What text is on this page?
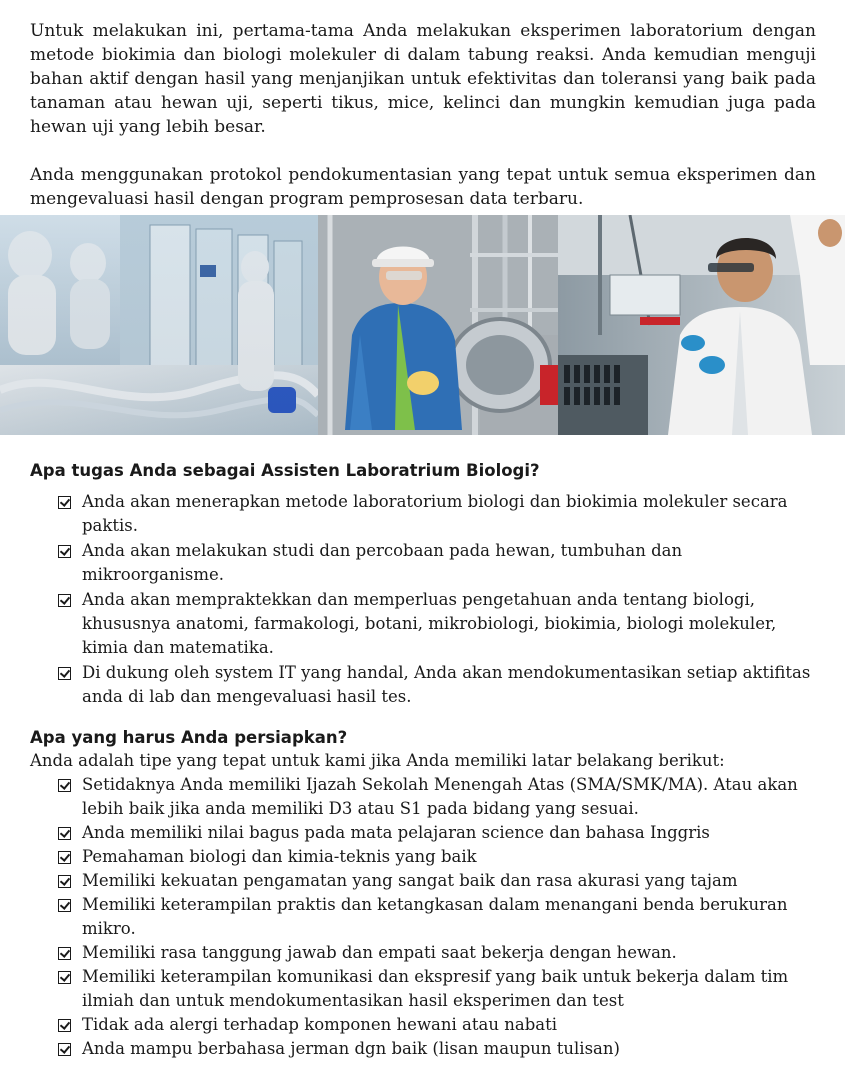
Untuk melakukan ini, pertama-tama Anda melakukan eksperimen laboratorium dengan metode biokimia dan biologi molekuler di dalam tabung reaksi. Anda kemudian menguji bahan aktif dengan hasil yang menjanjikan untuk efektivitas dan toleransi yang baik pada tanaman atau hewan uji, seperti tikus, mice, kelinci dan mungkin kemudian juga pada hewan uji yang lebih besar.

Anda menggunakan protokol pendokumentasian yang tepat untuk semua eksperimen dan mengevaluasi hasil dengan program pemprosesan data terbaru.

Apa tugas Anda sebagai Assisten Laboratrium Biologi?
Anda akan menerapkan metode laboratorium biologi dan biokimia molekuler secara paktis.
Anda akan melakukan studi dan percobaan pada hewan, tumbuhan dan mikroorganisme.
Anda akan mempraktekkan dan memperluas pengetahuan anda tentang biologi, khususnya anatomi, farmakologi, botani, mikrobiologi, biokimia, biologi molekuler, kimia dan matematika.
Di dukung oleh system IT yang handal, Anda akan mendokumentasikan setiap aktifitas anda di lab dan mengevaluasi hasil tes.
Apa yang harus Anda persiapkan?

Anda adalah tipe yang tepat untuk kami jika Anda memiliki latar belakang berikut:

Setidaknya Anda memiliki Ijazah Sekolah Menengah Atas (SMA/SMK/MA). Atau akan lebih baik jika anda memiliki D3 atau S1 pada bidang yang sesuai.
Anda memiliki nilai bagus pada mata pelajaran science dan bahasa Inggris
Pemahaman biologi dan kimia-teknis yang baik
Memiliki kekuatan pengamatan yang sangat baik dan rasa akurasi yang tajam
Memiliki keterampilan praktis dan ketangkasan dalam menangani benda berukuran mikro.
Memiliki rasa tanggung jawab dan empati saat bekerja dengan hewan.
Memiliki keterampilan komunikasi dan ekspresif yang baik untuk bekerja dalam tim ilmiah dan untuk mendokumentasikan hasil eksperimen dan test
Tidak ada alergi terhadap komponen hewani atau nabati
Anda mampu berbahasa jerman dgn baik (lisan maupun tulisan)
